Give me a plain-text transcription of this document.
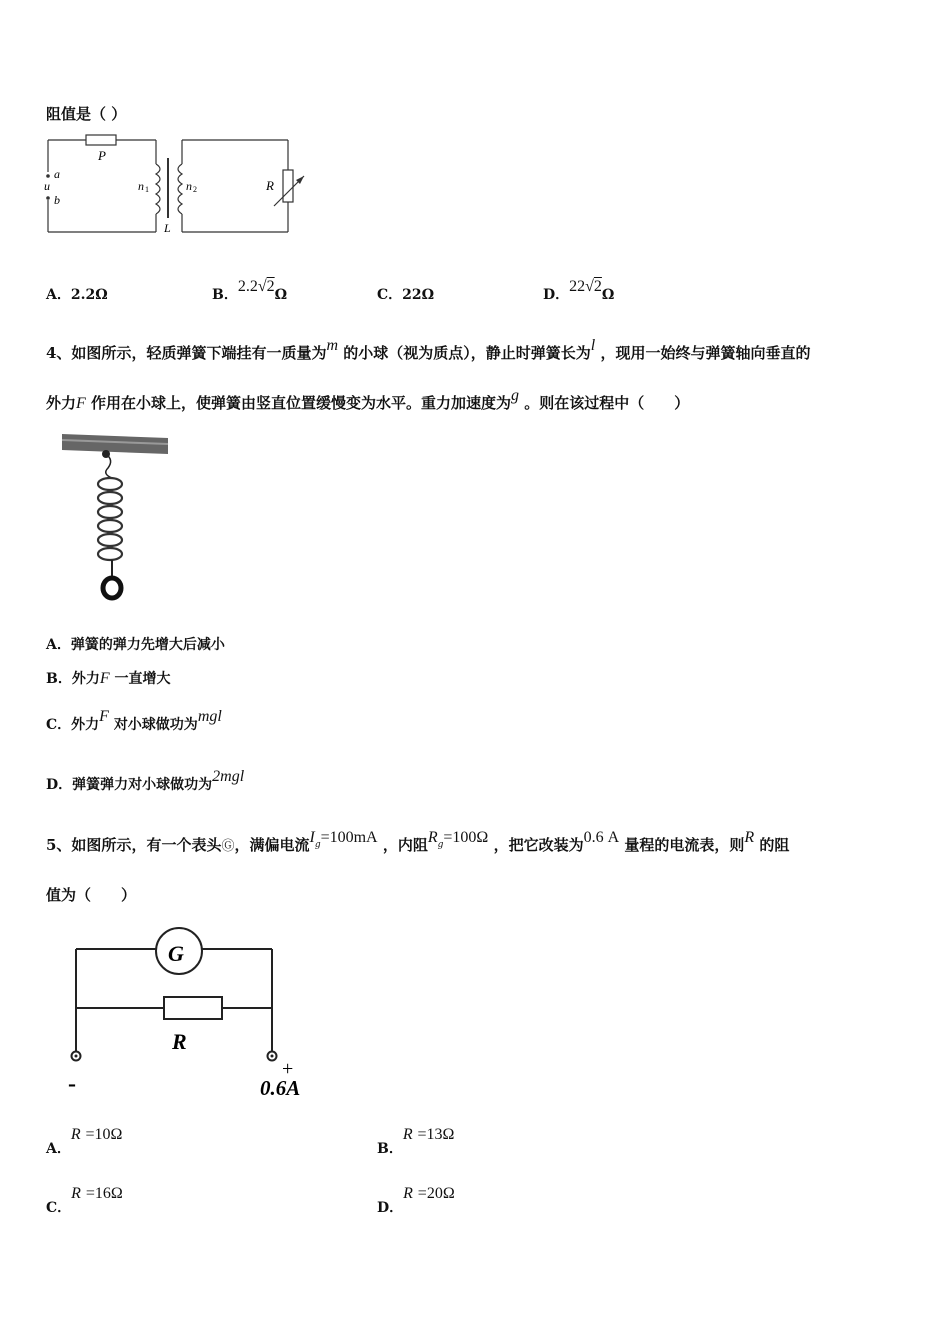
阻值是（ ）
P
a
u
b
n 1	n 2
L
R
A．2.2Ω	B．2.2√2Ω	C．22Ω	D．22√2Ω
4、如图所示，轻质弹簧下端挂有一质量为m 的小球（视为质点），静止时弹簧长为l ，现用一始终与弹簧轴向垂直的
外力F 作用在小球上，使弹簧由竖直位置缓慢变为水平。重力加速度为g 。则在该过程中（　　）
A．弹簧的弹力先增大后减小
B．外力F 一直增大
C．外力F 对小球做功为mgl
D．弹簧弹力对小球做功为2mgl
5、如图所示，有一个表头Ⓖ，满偏电流$I^g=100mA$ ，内阻$R^g=100\Omega$ ，把它改装为0.6 A 量程的电流表，则R 的阻
值为（　　）
G
R
-
+
0.6A
A．R =10Ω
B．R =13Ω
C．R =16Ω
D．R =20Ω
